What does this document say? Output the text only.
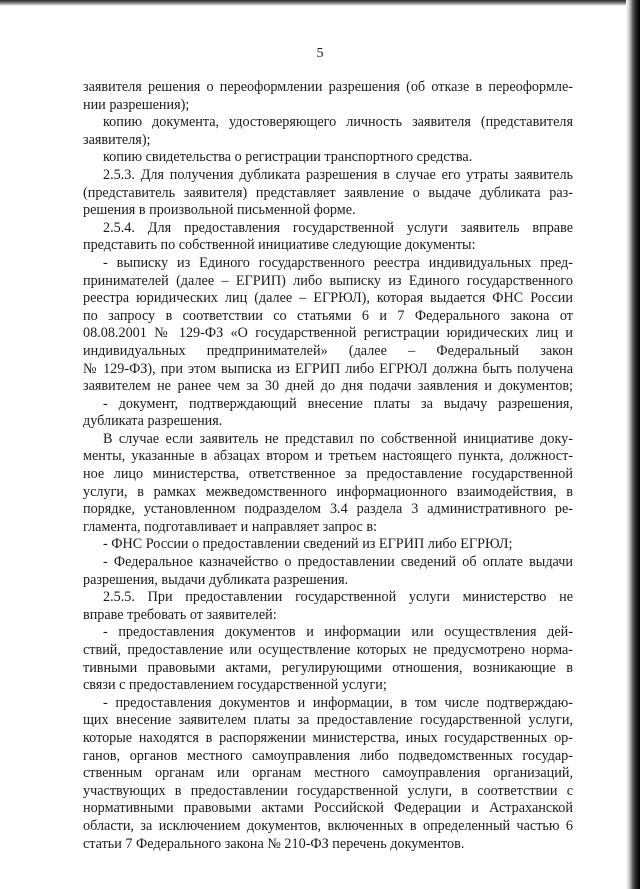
5
заявителя решения о переоформлении разрешения (об отказе в переоформле-
нии разрешения);
копию документа, удостоверяющего личность заявителя (представителя
заявителя);
копию свидетельства о регистрации транспортного средства.
2.5.3. Для получения дубликата разрешения в случае его утраты заявитель
(представитель заявителя) представляет заявление о выдаче дубликата раз-
решения в произвольной письменной форме.
2.5.4. Для предоставления государственной услуги заявитель вправе
представить по собственной инициативе следующие документы:
- выписку из Единого государственного реестра индивидуальных пред-
принимателей (далее – ЕГРИП) либо выписку из Единого государственного
реестра юридических лиц (далее – ЕГРЮЛ), которая выдается ФНС России
по запросу в соответствии со статьями 6 и 7 Федерального закона от
08.08.2001 № 129-ФЗ «О государственной регистрации юридических лиц и
индивидуальных предпринимателей» (далее – Федеральный закон
№ 129-ФЗ), при этом выписка из ЕГРИП либо ЕГРЮЛ должна быть получена
заявителем не ранее чем за 30 дней до дня подачи заявления и документов;
- документ, подтверждающий внесение платы за выдачу разрешения,
дубликата разрешения.
В случае если заявитель не представил по собственной инициативе доку-
менты, указанные в абзацах втором и третьем настоящего пункта, должност-
ное лицо министерства, ответственное за предоставление государственной
услуги, в рамках межведомственного информационного взаимодействия, в
порядке, установленном подразделом 3.4 раздела 3 административного ре-
гламента, подготавливает и направляет запрос в:
- ФНС России о предоставлении сведений из ЕГРИП либо ЕГРЮЛ;
- Федеральное казначейство о предоставлении сведений об оплате выдачи
разрешения, выдачи дубликата разрешения.
2.5.5. При предоставлении государственной услуги министерство не
вправе требовать от заявителей:
- предоставления документов и информации или осуществления дей-
ствий, предоставление или осуществление которых не предусмотрено норма-
тивными правовыми актами, регулирующими отношения, возникающие в
связи с предоставлением государственной услуги;
- предоставления документов и информации, в том числе подтверждаю-
щих внесение заявителем платы за предоставление государственной услуги,
которые находятся в распоряжении министерства, иных государственных ор-
ганов, органов местного самоуправления либо подведомственных государ-
ственным органам или органам местного самоуправления организаций,
участвующих в предоставлении государственной услуги, в соответствии с
нормативными правовыми актами Российской Федерации и Астраханской
области, за исключением документов, включенных в определенный частью 6
статьи 7 Федерального закона № 210-ФЗ перечень документов.
